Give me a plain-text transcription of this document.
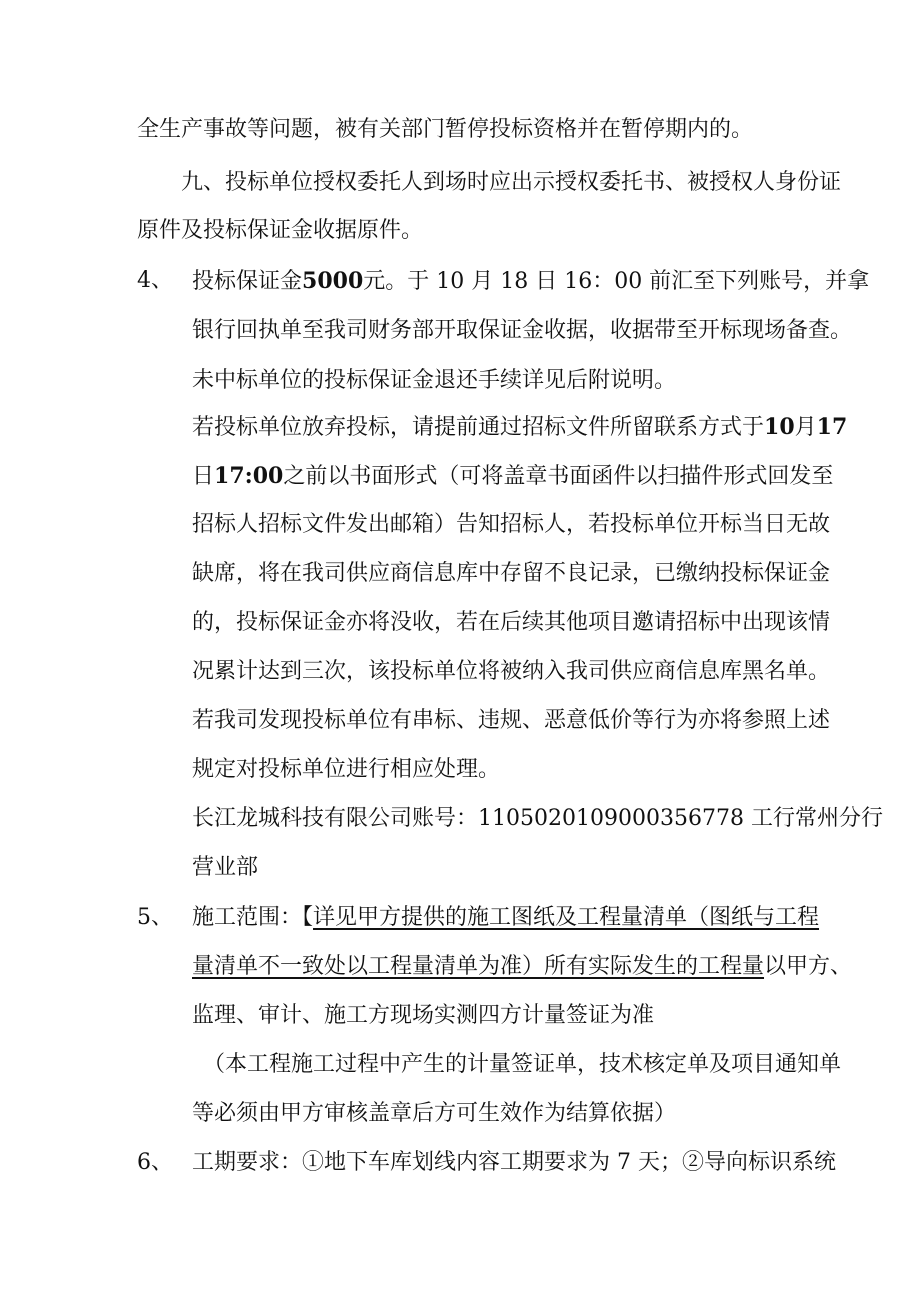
全生产事故等问题，被有关部门暂停投标资格并在暂停期内的。
九、投标单位授权委托人到场时应出示授权委托书、被授权人身份证
原件及投标保证金收据原件。
4、 投标保证金5000元。于 10 月 18 日 16：00 前汇至下列账号，并拿
银行回执单至我司财务部开取保证金收据，收据带至开标现场备查。
未中标单位的投标保证金退还手续详见后附说明。
若投标单位放弃投标，请提前通过招标文件所留联系方式于10月17
日17:00之前以书面形式（可将盖章书面函件以扫描件形式回发至
招标人招标文件发出邮箱）告知招标人，若投标单位开标当日无故
缺席，将在我司供应商信息库中存留不良记录，已缴纳投标保证金
的，投标保证金亦将没收，若在后续其他项目邀请招标中出现该情
况累计达到三次，该投标单位将被纳入我司供应商信息库黑名单。
若我司发现投标单位有串标、违规、恶意低价等行为亦将参照上述
规定对投标单位进行相应处理。
长江龙城科技有限公司账号：1105020109000356778 工行常州分行
营业部
5、 施工范围：【详见甲方提供的施工图纸及工程量清单（图纸与工程
量清单不一致处以工程量清单为准）所有实际发生的工程量以甲方、
监理、审计、施工方现场实测四方计量签证为准
（本工程施工过程中产生的计量签证单，技术核定单及项目通知单
等必须由甲方审核盖章后方可生效作为结算依据）
6、 工期要求：①地下车库划线内容工期要求为 7 天；②导向标识系统
